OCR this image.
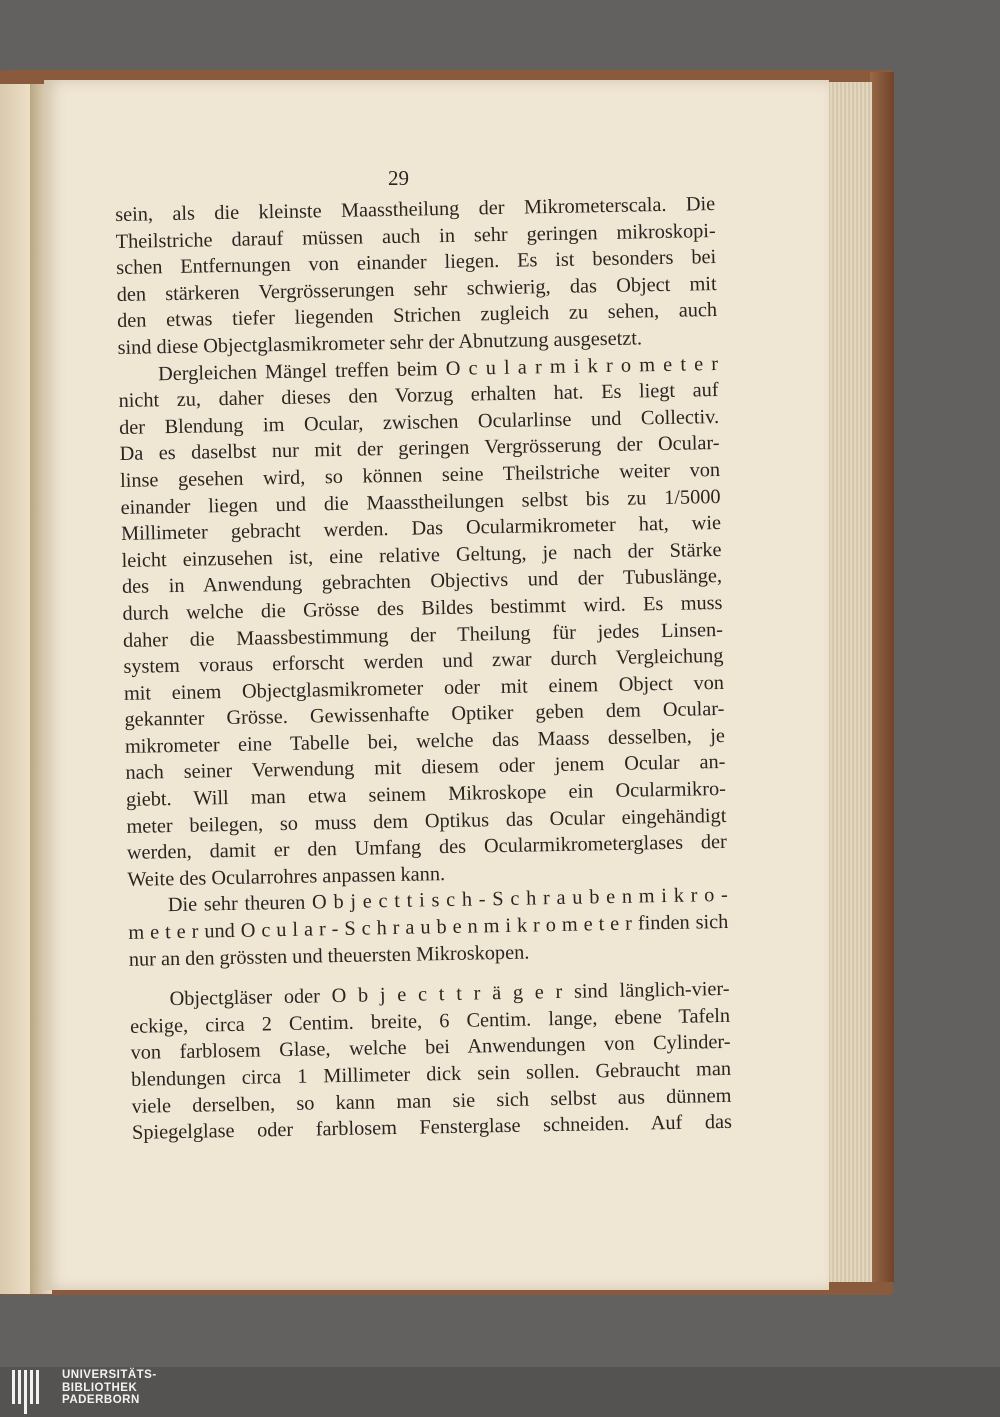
29
sein, als die kleinste Maasstheilung der Mikrometerscala. Die
Theilstriche darauf müssen auch in sehr geringen mikroskopi-
schen Entfernungen von einander liegen. Es ist besonders bei
den stärkeren Vergrösserungen sehr schwierig, das Object mit
den etwas tiefer liegenden Strichen zugleich zu sehen, auch
sind diese Objectglasmikrometer sehr der Abnutzung ausgesetzt.
Dergleichen Mängel treffen beim O c u l a r m i k r o m e t e r
nicht zu, daher dieses den Vorzug erhalten hat. Es liegt auf
der Blendung im Ocular, zwischen Ocularlinse und Collectiv.
Da es daselbst nur mit der geringen Vergrösserung der Ocular-
linse gesehen wird, so können seine Theilstriche weiter von
einander liegen und die Maasstheilungen selbst bis zu 1/5000
Millimeter gebracht werden. Das Ocularmikrometer hat, wie
leicht einzusehen ist, eine relative Geltung, je nach der Stärke
des in Anwendung gebrachten Objectivs und der Tubuslänge,
durch welche die Grösse des Bildes bestimmt wird. Es muss
daher die Maassbestimmung der Theilung für jedes Linsen-
system voraus erforscht werden und zwar durch Vergleichung
mit einem Objectglasmikrometer oder mit einem Object von
gekannter Grösse. Gewissenhafte Optiker geben dem Ocular-
mikrometer eine Tabelle bei, welche das Maass desselben, je
nach seiner Verwendung mit diesem oder jenem Ocular an-
giebt. Will man etwa seinem Mikroskope ein Ocularmikro-
meter beilegen, so muss dem Optikus das Ocular eingehändigt
werden, damit er den Umfang des Ocularmikrometerglases der
Weite des Ocularrohres anpassen kann.
Die sehr theuren O b j e c t t i s c h - S c h r a u b e n m i k r o -
m e t e r und O c u l a r - S c h r a u b e n m i k r o m e t e r finden sich
nur an den grössten und theuersten Mikroskopen.
Objectgläser oder O b j e c t t r ä g e r sind länglich-vier-
eckige, circa 2 Centim. breite, 6 Centim. lange, ebene Tafeln
von farblosem Glase, welche bei Anwendungen von Cylinder-
blendungen circa 1 Millimeter dick sein sollen. Gebraucht man
viele derselben, so kann man sie sich selbst aus dünnem
Spiegelglase oder farblosem Fensterglase schneiden. Auf das
UNIVERSITÄTS-
BIBLIOTHEK
PADERBORN
